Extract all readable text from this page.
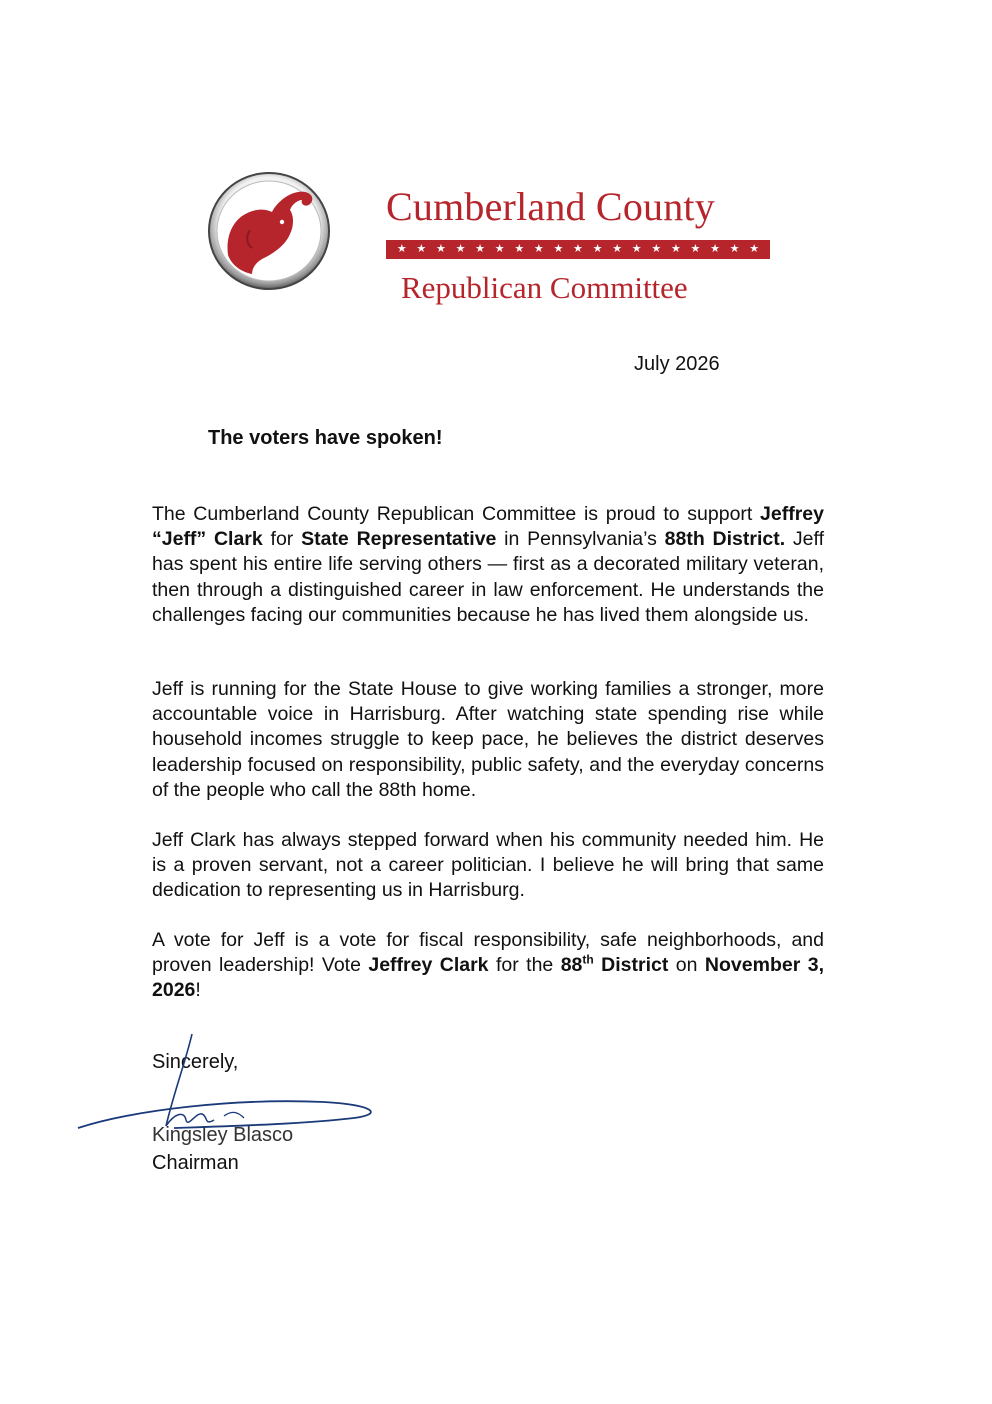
Cumberland County
★ ★ ★ ★ ★ ★ ★ ★ ★ ★ ★ ★ ★ ★ ★ ★ ★ ★ ★
Republican Committee
July 2026
The voters have spoken!

The Cumberland County Republican Committee is proud to support Jeffrey “Jeff” Clark for State Representative in Pennsylvania’s 88th District. Jeff has spent his entire life serving others — first as a decorated military veteran, then through a distinguished career in law enforcement. He understands the challenges facing our communities because he has lived them alongside us.

Jeff is running for the State House to give working families a stronger, more accountable voice in Harrisburg. After watching state spending rise while household incomes struggle to keep pace, he believes the district deserves leadership focused on responsibility, public safety, and the everyday concerns of the people who call the 88th home.

Jeff Clark has always stepped forward when his community needed him. He is a proven servant, not a career politician. I believe he will bring that same dedication to representing us in Harrisburg.

A vote for Jeff is a vote for fiscal responsibility, safe neighborhoods, and proven leadership! Vote Jeffrey Clark for the 88th District on November 3, 2026!

Sincerely,
Kingsley Blasco
Chairman
